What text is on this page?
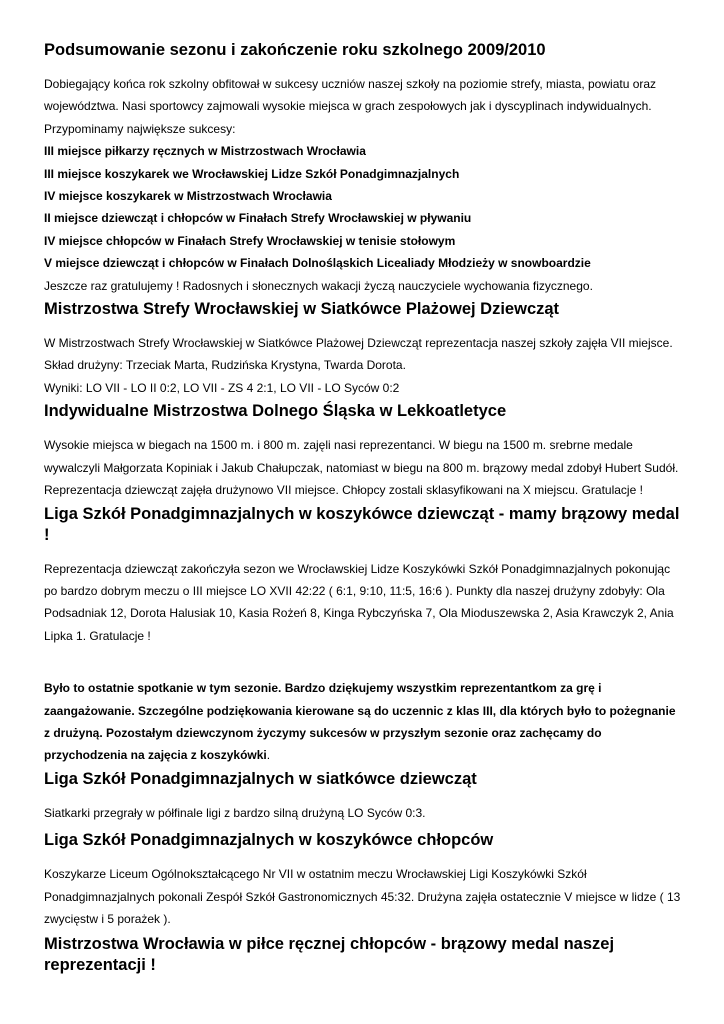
Podsumowanie sezonu i zakończenie roku szkolnego 2009/2010

Dobiegający końca rok szkolny obfitował w sukcesy uczniów naszej szkoły na poziomie strefy, miasta, powiatu oraz województwa. Nasi sportowcy zajmowali wysokie miejsca w grach zespołowych jak i dyscyplinach indywidualnych.

Przypominamy największe sukcesy:

III miejsce piłkarzy ręcznych w Mistrzostwach Wrocławia

III miejsce koszykarek we Wrocławskiej Lidze Szkół Ponadgimnazjalnych

IV miejsce koszykarek w Mistrzostwach Wrocławia

II miejsce dziewcząt i chłopców w Finałach Strefy Wrocławskiej w pływaniu

IV miejsce chłopców w Finałach Strefy Wrocławskiej w tenisie stołowym

V miejsce dziewcząt i chłopców w Finałach Dolnośląskich Licealiady Młodzieży w snowboardzie

Jeszcze raz gratulujemy ! Radosnych i słonecznych wakacji życzą nauczyciele wychowania fizycznego.

Mistrzostwa Strefy Wrocławskiej w Siatkówce Plażowej Dziewcząt

W Mistrzostwach Strefy Wrocławskiej w Siatkówce Plażowej Dziewcząt reprezentacja naszej szkoły zajęła VII miejsce.

Skład drużyny: Trzeciak Marta, Rudzińska Krystyna, Twarda Dorota.

Wyniki: LO VII - LO II 0:2, LO VII - ZS 4 2:1, LO VII - LO Syców 0:2

Indywidualne Mistrzostwa Dolnego Śląska w Lekkoatletyce

Wysokie miejsca w biegach na 1500 m. i 800 m. zajęli nasi reprezentanci. W biegu na 1500 m. srebrne medale wywalczyli Małgorzata Kopiniak i Jakub Chałupczak, natomiast w biegu na 800 m. brązowy medal zdobył Hubert Sudół. Reprezentacja dziewcząt zajęła drużynowo VII miejsce. Chłopcy zostali sklasyfikowani na X miejscu. Gratulacje !

Liga Szkół Ponadgimnazjalnych w koszykówce dziewcząt - mamy brązowy medal !

Reprezentacja dziewcząt zakończyła sezon we Wrocławskiej Lidze Koszykówki Szkół Ponadgimnazjalnych pokonując po bardzo dobrym meczu o III miejsce LO XVII 42:22 ( 6:1, 9:10, 11:5, 16:6 ). Punkty dla naszej drużyny zdobyły: Ola Podsadniak 12, Dorota Halusiak 10, Kasia Rożeń 8, Kinga Rybczyńska 7, Ola Mioduszewska 2, Asia Krawczyk 2, Ania Lipka 1. Gratulacje !

Było to ostatnie spotkanie w tym sezonie. Bardzo dziękujemy wszystkim reprezentantkom za grę i zaangażowanie. Szczególne podziękowania kierowane są do uczennic z klas III, dla których było to pożegnanie z drużyną. Pozostałym dziewczynom życzymy sukcesów w przyszłym sezonie oraz zachęcamy do przychodzenia na zajęcia z koszykówki.

Liga Szkół Ponadgimnazjalnych w siatkówce dziewcząt

Siatkarki przegrały w półfinale ligi z bardzo silną drużyną LO Syców 0:3.

Liga Szkół Ponadgimnazjalnych w koszykówce chłopców

Koszykarze Liceum Ogólnokształcącego Nr VII w ostatnim meczu Wrocławskiej Ligi Koszykówki Szkół Ponadgimnazjalnych pokonali Zespół Szkół Gastronomicznych 45:32. Drużyna zajęła ostatecznie V miejsce w lidze ( 13 zwycięstw i 5 porażek ).

Mistrzostwa Wrocławia w piłce ręcznej chłopców - brązowy medal naszej reprezentacji !
